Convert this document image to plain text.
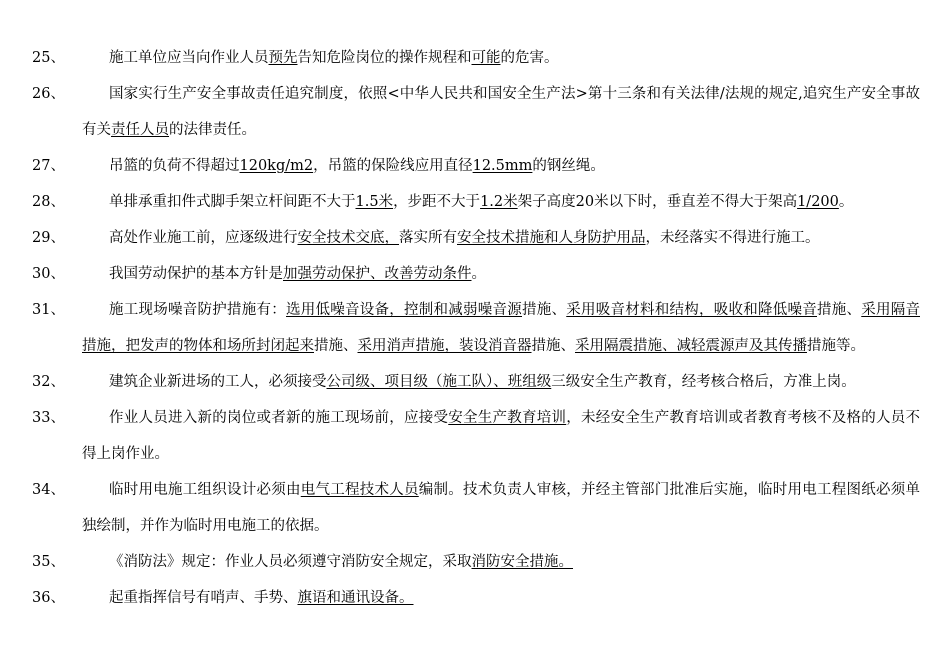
25、	施工单位应当向作业人员预先告知危险岗位的操作规程和可能的危害。
26、	国家实行生产安全事故责任追究制度，依照<中华人民共和国安全生产法>第十三条和有关法律/法规的规定,追究生产安全事故有关责任人员的法律责任。
27、	吊篮的负荷不得超过120kg/m2，吊篮的保险线应用直径12.5mm的钢丝绳。
28、	单排承重扣件式脚手架立杆间距不大于1.5米，步距不大于1.2米架子高度20米以下时，垂直差不得大于架高1/200。
29、	高处作业施工前，应逐级进行安全技术交底，落实所有安全技术措施和人身防护用品，未经落实不得进行施工。
30、	我国劳动保护的基本方针是加强劳动保护、改善劳动条件。
31、	施工现场噪音防护措施有：选用低噪音设备，控制和减弱噪音源措施、采用吸音材料和结构，吸收和降低噪音措施、采用隔音措施，把发声的物体和场所封闭起来措施、采用消声措施，装设消音器措施、采用隔震措施、减轻震源声及其传播措施等。
32、	建筑企业新进场的工人，必须接受公司级、项目级（施工队）、班组级三级安全生产教育，经考核合格后，方准上岗。
33、	作业人员进入新的岗位或者新的施工现场前，应接受安全生产教育培训，未经安全生产教育培训或者教育考核不及格的人员不得上岗作业。
34、	临时用电施工组织设计必须由电气工程技术人员编制。技术负责人审核，并经主管部门批准后实施，临时用电工程图纸必须单独绘制，并作为临时用电施工的依据。
35、	《消防法》规定：作业人员必须遵守消防安全规定，采取消防安全措施。
36、	起重指挥信号有哨声、手势、旗语和通讯设备。
